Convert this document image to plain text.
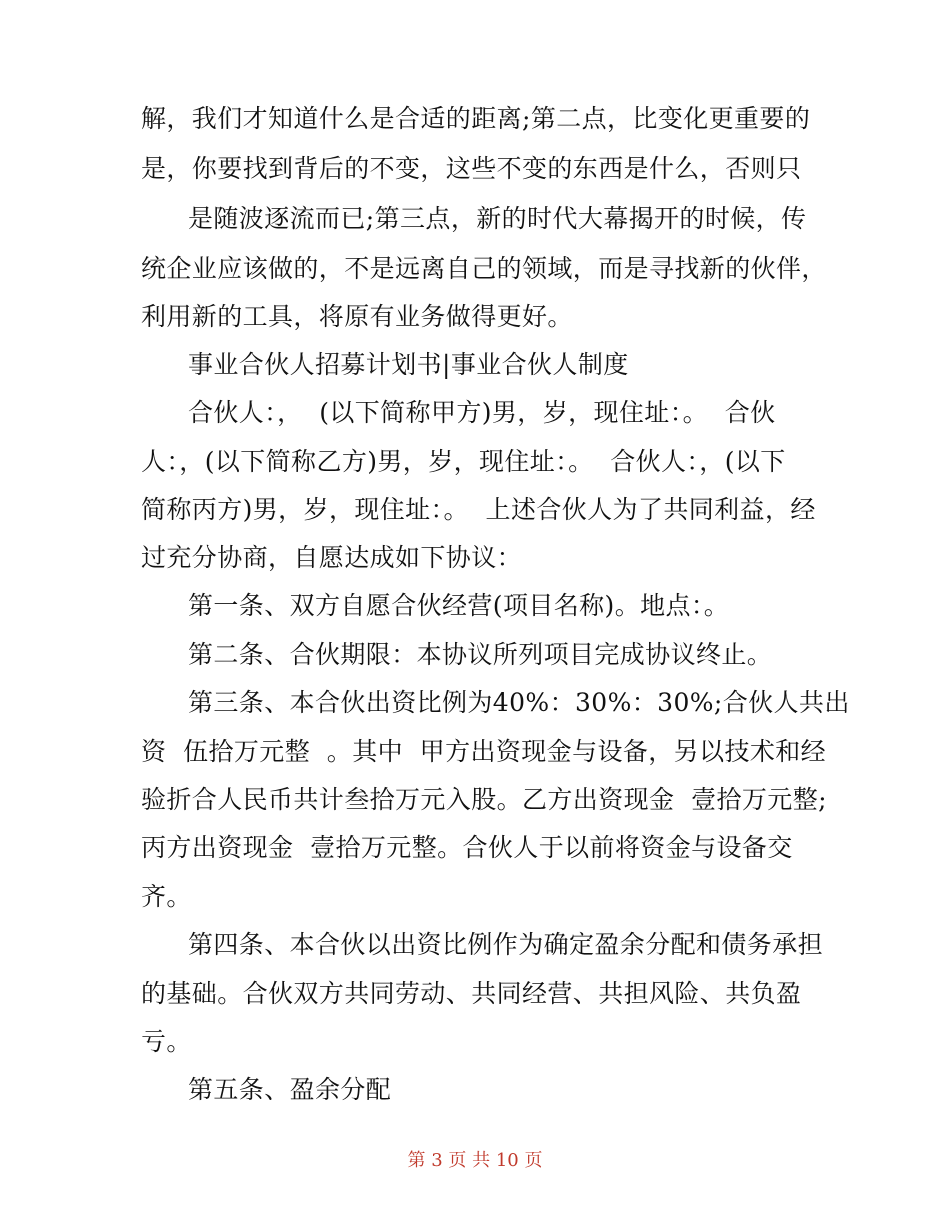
解，我们才知道什么是合适的距离;第二点，比变化更重要的
是，你要找到背后的不变，这些不变的东西是什么，否则只
是随波逐流而已;第三点，新的时代大幕揭开的时候，传
统企业应该做的，不是远离自己的领域，而是寻找新的伙伴，
利用新的工具，将原有业务做得更好。
事业合伙人招募计划书|事业合伙人制度
合伙人：，  (以下简称甲方)男，岁，现住址：。  合伙
人：，(以下简称乙方)男，岁，现住址：。  合伙人：，(以下
简称丙方)男，岁，现住址：。  上述合伙人为了共同利益，经
过充分协商，自愿达成如下协议：
第一条、双方自愿合伙经营(项目名称)。地点：。
第二条、合伙期限：本协议所列项目完成协议终止。
第三条、本合伙出资比例为40%：30%：30%;合伙人共出
资  伍拾万元整  。其中  甲方出资现金与设备，另以技术和经
验折合人民币共计叁拾万元入股。乙方出资现金  壹拾万元整;
丙方出资现金  壹拾万元整。合伙人于以前将资金与设备交
齐。
第四条、本合伙以出资比例作为确定盈余分配和债务承担
的基础。合伙双方共同劳动、共同经营、共担风险、共负盈
亏。
第五条、盈余分配
第 3 页 共 10 页
